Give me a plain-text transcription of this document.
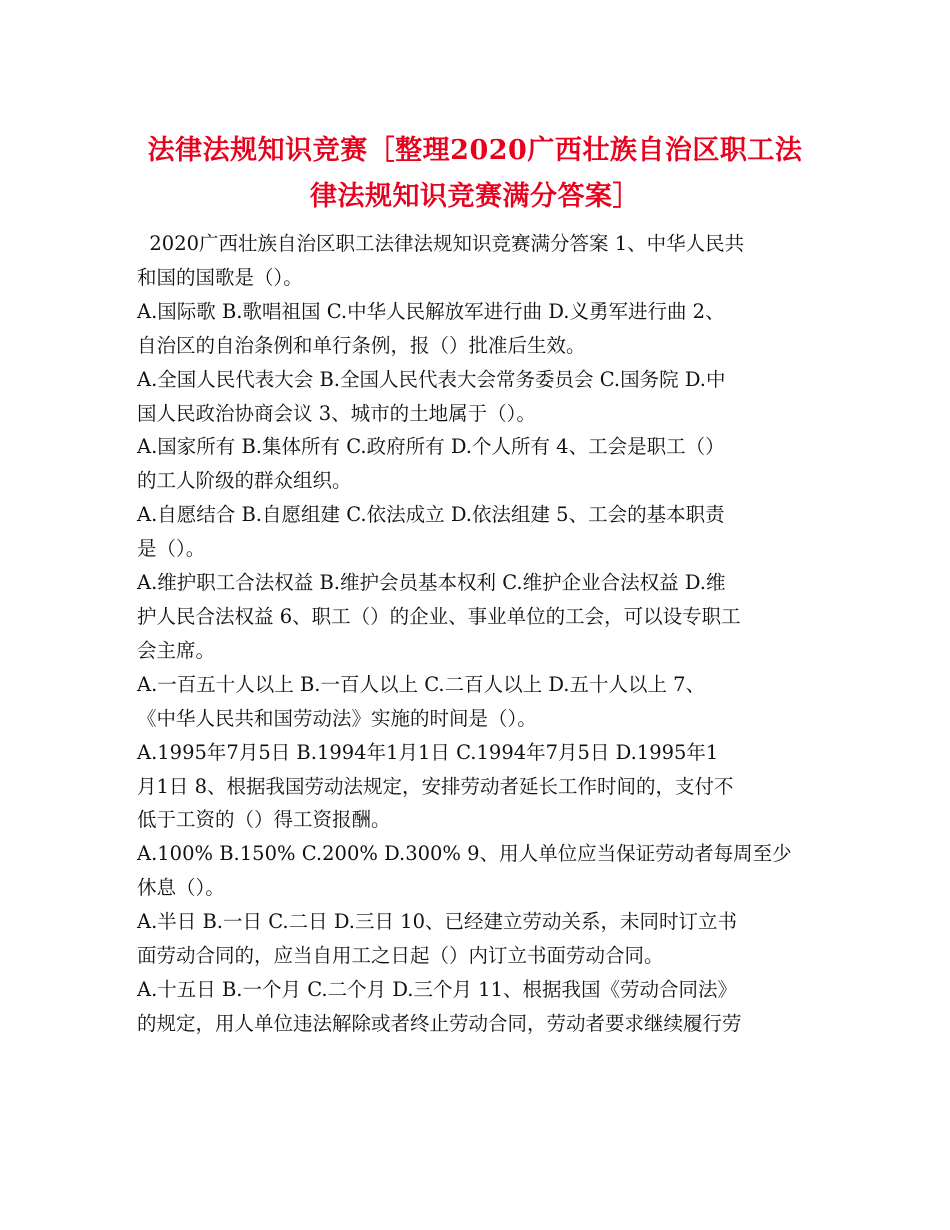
法律法规知识竞赛［整理2020广西壮族自治区职工法
律法规知识竞赛满分答案］
2020广西壮族自治区职工法律法规知识竞赛满分答案 1、中华人民共
和国的国歌是（）。
A.国际歌 B.歌唱祖国 C.中华人民解放军进行曲 D.义勇军进行曲 2、
自治区的自治条例和单行条例，报（）批准后生效。
A.全国人民代表大会 B.全国人民代表大会常务委员会 C.国务院 D.中
国人民政治协商会议 3、城市的土地属于（）。
A.国家所有 B.集体所有 C.政府所有 D.个人所有 4、工会是职工（）
的工人阶级的群众组织。
A.自愿结合 B.自愿组建 C.依法成立 D.依法组建 5、工会的基本职责
是（）。
A.维护职工合法权益 B.维护会员基本权利 C.维护企业合法权益 D.维
护人民合法权益 6、职工（）的企业、事业单位的工会，可以设专职工
会主席。
A.一百五十人以上 B.一百人以上 C.二百人以上 D.五十人以上 7、
《中华人民共和国劳动法》实施的时间是（）。
A.1995年7月5日 B.1994年1月1日 C.1994年7月5日 D.1995年1
月1日 8、根据我国劳动法规定，安排劳动者延长工作时间的，支付不
低于工资的（）得工资报酬。
A.100% B.150% C.200% D.300% 9、用人单位应当保证劳动者每周至少
休息（）。
A.半日 B.一日 C.二日 D.三日 10、已经建立劳动关系，未同时订立书
面劳动合同的，应当自用工之日起（）内订立书面劳动合同。
A.十五日 B.一个月 C.二个月 D.三个月 11、根据我国《劳动合同法》
的规定，用人单位违法解除或者终止劳动合同，劳动者要求继续履行劳
